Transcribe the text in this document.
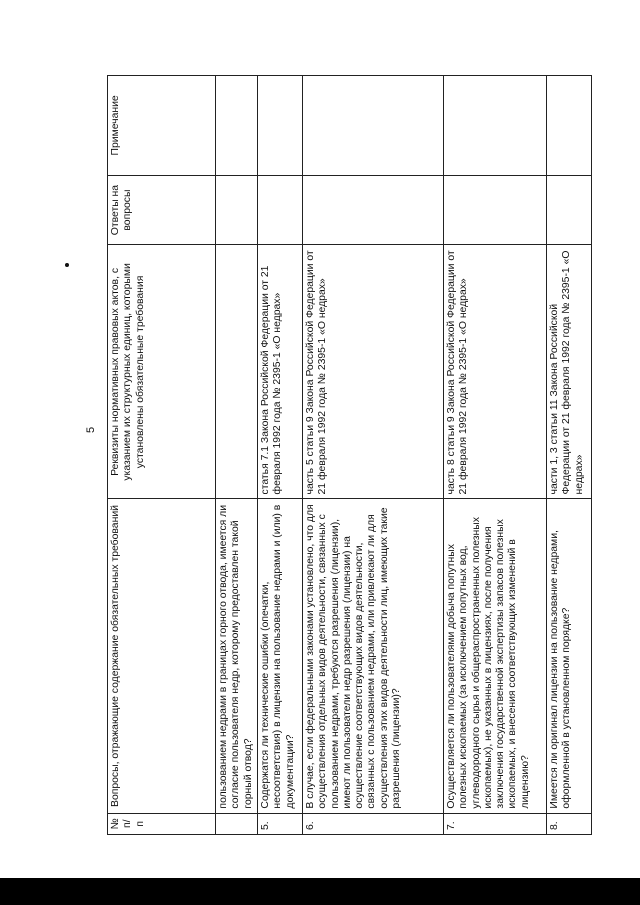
5
№ п/п	Вопросы, отражающие содержание обязательных требований	Реквизиты нормативных правовых актов, с указанием их структурных единиц, которыми установлены обязательные требования	Ответы на вопросы	Примечание
	пользованием недрами в границах горного отвода, имеется ли согласие пользователя недр, которому предоставлен такой горный отвод?			
5.	Содержатся ли технические ошибки (опечатки, несоответствия) в лицензии на пользование недрами и (или) в документации?	статья 7.1 Закона Российской Федерации от 21 февраля 1992 года № 2395-1 «О недрах»		
6.	В случае, если федеральными законами установлено, что для осуществления отдельных видов деятельности, связанных с пользованием недрами, требуются разрешения (лицензии), имеют ли пользователи недр разрешения (лицензии) на осуществление соответствующих видов деятельности, связанных с пользованием недрами, или привлекают ли для осуществления этих видов деятельности лиц, имеющих такие разрешения (лицензии)?	часть 5 статьи 9 Закона Российской Федерации от 21 февраля 1992 года № 2395-1 «О недрах»		
7.	Осуществляется ли пользователями добыча попутных полезных ископаемых (за исключением попутных вод, углеводородного сырья и общераспространенных полезных ископаемых), не указанных в лицензиях, после получения заключения государственной экспертизы запасов полезных ископаемых, и внесения соответствующих изменений в лицензию?	часть 8 статьи 9 Закона Российской Федерации от 21 февраля 1992 года № 2395-1 «О недрах»		
8.	Имеется ли оригинал лицензии на пользование недрами, оформленной в установленном порядке?	части 1, 3 статьи 11 Закона Российской Федерации от 21 февраля 1992 года № 2395-1 «О недрах»		
